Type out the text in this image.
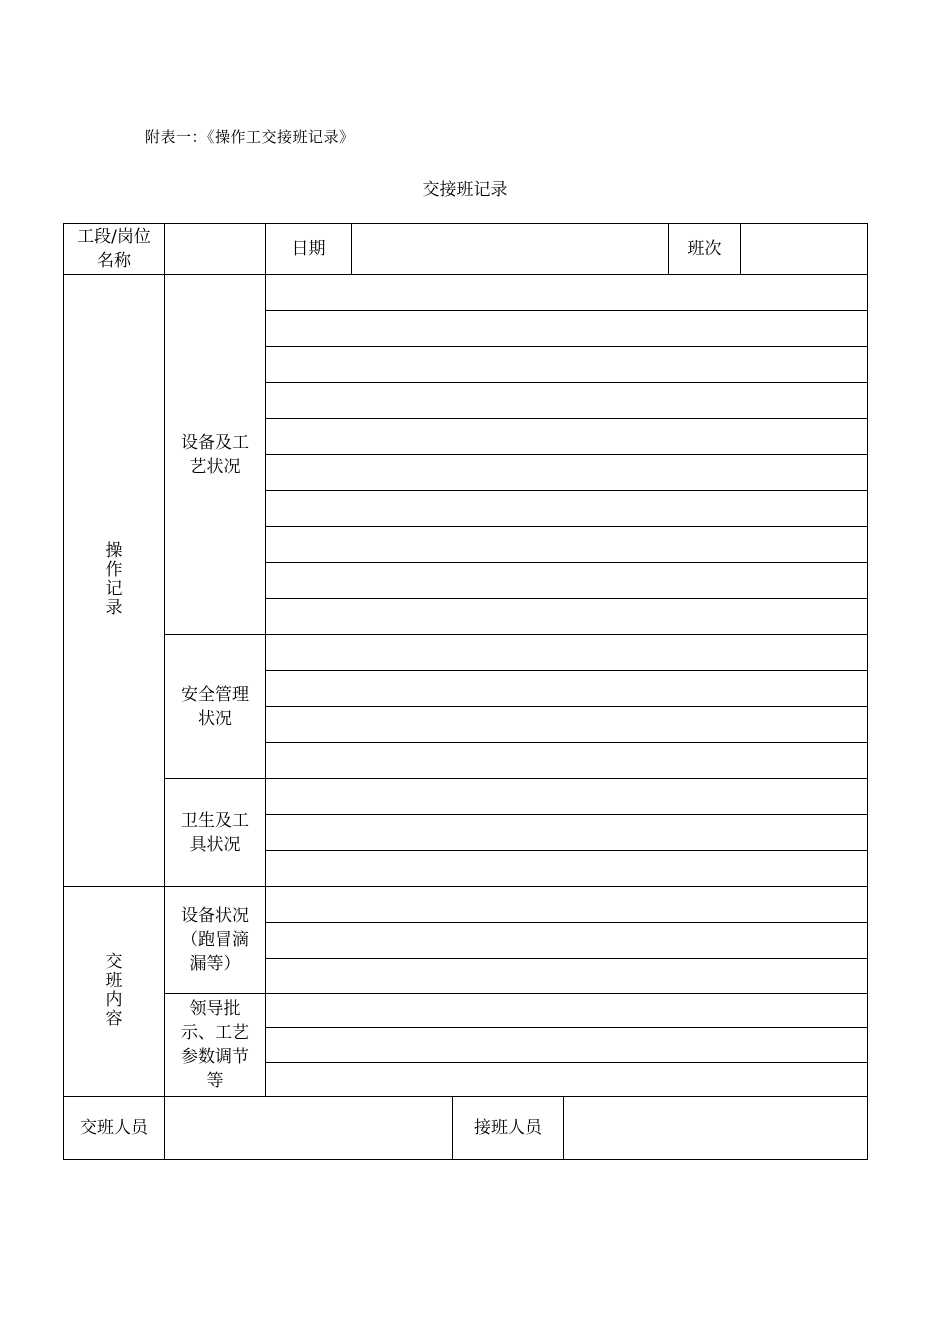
附表一：《操作工交接班记录》
交接班记录
工段/岗位名称		日期				班次	
操作记录	设备及工艺状况						

	安全管理状况						

	卫生及工具状况						

交班内容	设备状况（跑冒滴漏等）						

	领导批示、工艺参数调节等						

交班人员				接班人员			
